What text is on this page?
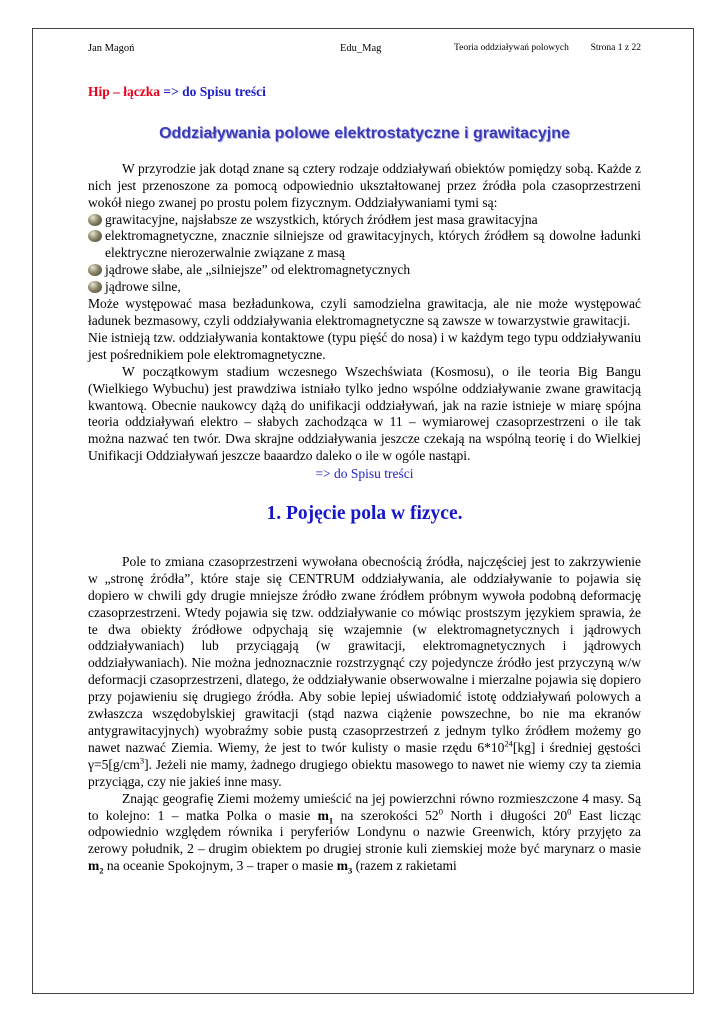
Jan Magoń	Edu_Mag	Teoria oddziaływań polowych Strona 1 z 22
Hip – łączka => do Spisu treści
Oddziaływania polowe elektrostatyczne i grawitacyjne

W przyrodzie jak dotąd znane są cztery rodzaje oddziaływań obiektów pomiędzy sobą. Każde z nich jest przenoszone za pomocą odpowiednio ukształtowanej przez źródła pola czasoprzestrzeni wokół niego zwanej po prostu polem fizycznym. Oddziaływaniami tymi są:

grawitacyjne, najsłabsze ze wszystkich, których źródłem jest masa grawitacyjna
elektromagnetyczne, znacznie silniejsze od grawitacyjnych, których źródłem są dowolne ładunki elektryczne nierozerwalnie związane z masą
jądrowe słabe, ale „silniejsze” od elektromagnetycznych
jądrowe silne,

Może występować masa bezładunkowa, czyli samodzielna grawitacja, ale nie może występować ładunek bezmasowy, czyli oddziaływania elektromagnetyczne są zawsze w towarzystwie grawitacji.

Nie istnieją tzw. oddziaływania kontaktowe (typu pięść do nosa) i w każdym tego typu oddziaływaniu jest pośrednikiem pole elektromagnetyczne.

W początkowym stadium wczesnego Wszechświata (Kosmosu), o ile teoria Big Bangu (Wielkiego Wybuchu) jest prawdziwa istniało tylko jedno wspólne oddziaływanie zwane grawitacją kwantową. Obecnie naukowcy dążą do unifikacji oddziaływań, jak na razie istnieje w miarę spójna teoria oddziaływań elektro – słabych zachodząca w 11 – wymiarowej czasoprzestrzeni o ile tak można nazwać ten twór. Dwa skrajne oddziaływania jeszcze czekają na wspólną teorię i do Wielkiej Unifikacji Oddziaływań jeszcze baaardzo daleko o ile w ogóle nastąpi.

=> do Spisu treści
1. Pojęcie pola w fizyce.

Pole to zmiana czasoprzestrzeni wywołana obecnością źródła, najczęściej jest to zakrzywienie w „stronę źródła”, które staje się CENTRUM oddziaływania, ale oddziaływanie to pojawia się dopiero w chwili gdy drugie mniejsze źródło zwane źródłem próbnym wywoła podobną deformację czasoprzestrzeni. Wtedy pojawia się tzw. oddziaływanie co mówiąc prostszym językiem sprawia, że te dwa obiekty źródłowe odpychają się wzajemnie (w elektromagnetycznych i jądrowych oddziaływaniach) lub przyciągają (w grawitacji, elektromagnetycznych i jądrowych oddziaływaniach). Nie można jednoznacznie rozstrzygnąć czy pojedyncze źródło jest przyczyną w/w deformacji czasoprzestrzeni, dlatego, że oddziaływanie obserwowalne i mierzalne pojawia się dopiero przy pojawieniu się drugiego źródła. Aby sobie lepiej uświadomić istotę oddziaływań polowych a zwłaszcza wszędobylskiej grawitacji (stąd nazwa ciążenie powszechne, bo nie ma ekranów antygrawitacyjnych) wyobraźmy sobie pustą czasoprzestrzeń z jednym tylko źródłem możemy go nawet nazwać Ziemia. Wiemy, że jest to twór kulisty o masie rzędu $6*10^{24}[kg]$ i średniej gęstości $\gamma=5[g/cm^3]$. Jeżeli nie mamy, żadnego drugiego obiektu masowego to nawet nie wiemy czy ta ziemia przyciąga, czy nie jakieś inne masy.

Znając geografię Ziemi możemy umieścić na jej powierzchni równo rozmieszczone 4 masy. Są to kolejno: 1 – matka Polka o masie $m_1$ na szerokości $52^0$ North i długości $20^0$ East licząc odpowiednio względem równika i peryferiów Londynu o nazwie Greenwich, który przyjęto za zerowy południk, 2 – drugim obiektem po drugiej stronie kuli ziemskiej może być marynarz o masie $m_2$ na oceanie Spokojnym, 3 – traper o masie $m_3$ (razem z rakietami
